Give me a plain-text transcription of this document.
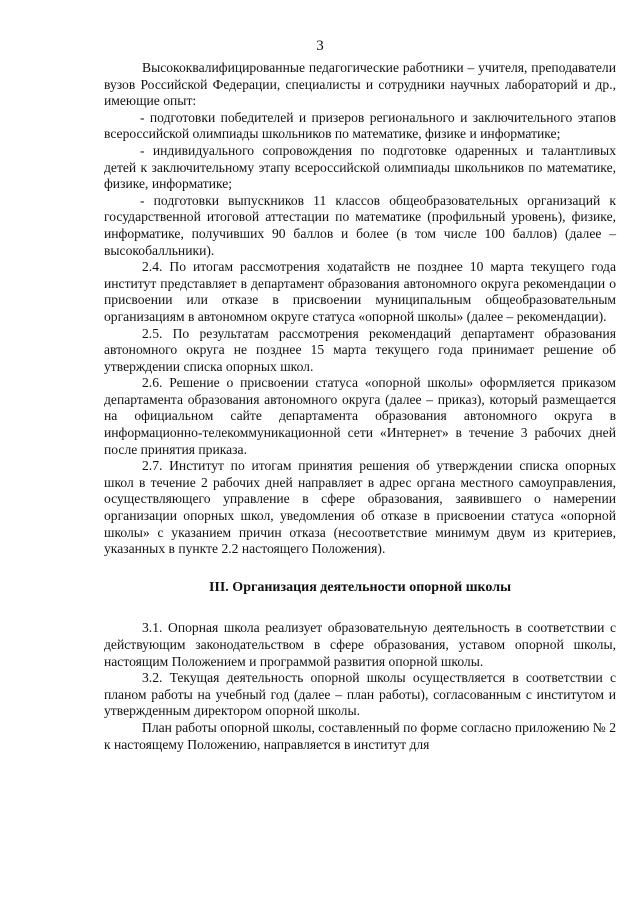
3

Высококвалифицированные педагогические работники – учителя, преподаватели вузов Российской Федерации, специалисты и сотрудники научных лабораторий и др., имеющие опыт:

- подготовки победителей и призеров регионального и заключительного этапов всероссийской олимпиады школьников по математике, физике и информатике;

- индивидуального сопровождения по подготовке одаренных и талантливых детей к заключительному этапу всероссийской олимпиады школьников по математике, физике, информатике;

- подготовки выпускников 11 классов общеобразовательных организаций к государственной итоговой аттестации по математике (профильный уровень), физике, информатике, получивших 90 баллов и более (в том числе 100 баллов) (далее – высокобалльники).

2.4. По итогам рассмотрения ходатайств не позднее 10 марта текущего года институт представляет в департамент образования автономного округа рекомендации о присвоении или отказе в присвоении муниципальным общеобразовательным организациям в автономном округе статуса «опорной школы» (далее – рекомендации).

2.5. По результатам рассмотрения рекомендаций департамент образования автономного округа не позднее 15 марта текущего года принимает решение об утверждении списка опорных школ.

2.6. Решение о присвоении статуса «опорной школы» оформляется приказом департамента образования автономного округа (далее – приказ), который размещается на официальном сайте департамента образования автономного округа в информационно-телекоммуникационной сети «Интернет» в течение 3 рабочих дней после принятия приказа.

2.7. Институт по итогам принятия решения об утверждении списка опорных школ в течение 2 рабочих дней направляет в адрес органа местного самоуправления, осуществляющего управление в сфере образования, заявившего о намерении организации опорных школ, уведомления об отказе в присвоении статуса «опорной школы» с указанием причин отказа (несоответствие минимум двум из критериев, указанных в пункте 2.2 настоящего Положения).

III. Организация деятельности опорной школы

3.1. Опорная школа реализует образовательную деятельность в соответствии с действующим законодательством в сфере образования, уставом опорной школы, настоящим Положением и программой развития опорной школы.

3.2. Текущая деятельность опорной школы осуществляется в соответствии с планом работы на учебный год (далее – план работы), согласованным с институтом и утвержденным директором опорной школы.

План работы опорной школы, составленный по форме согласно приложению № 2 к настоящему Положению, направляется в институт для
